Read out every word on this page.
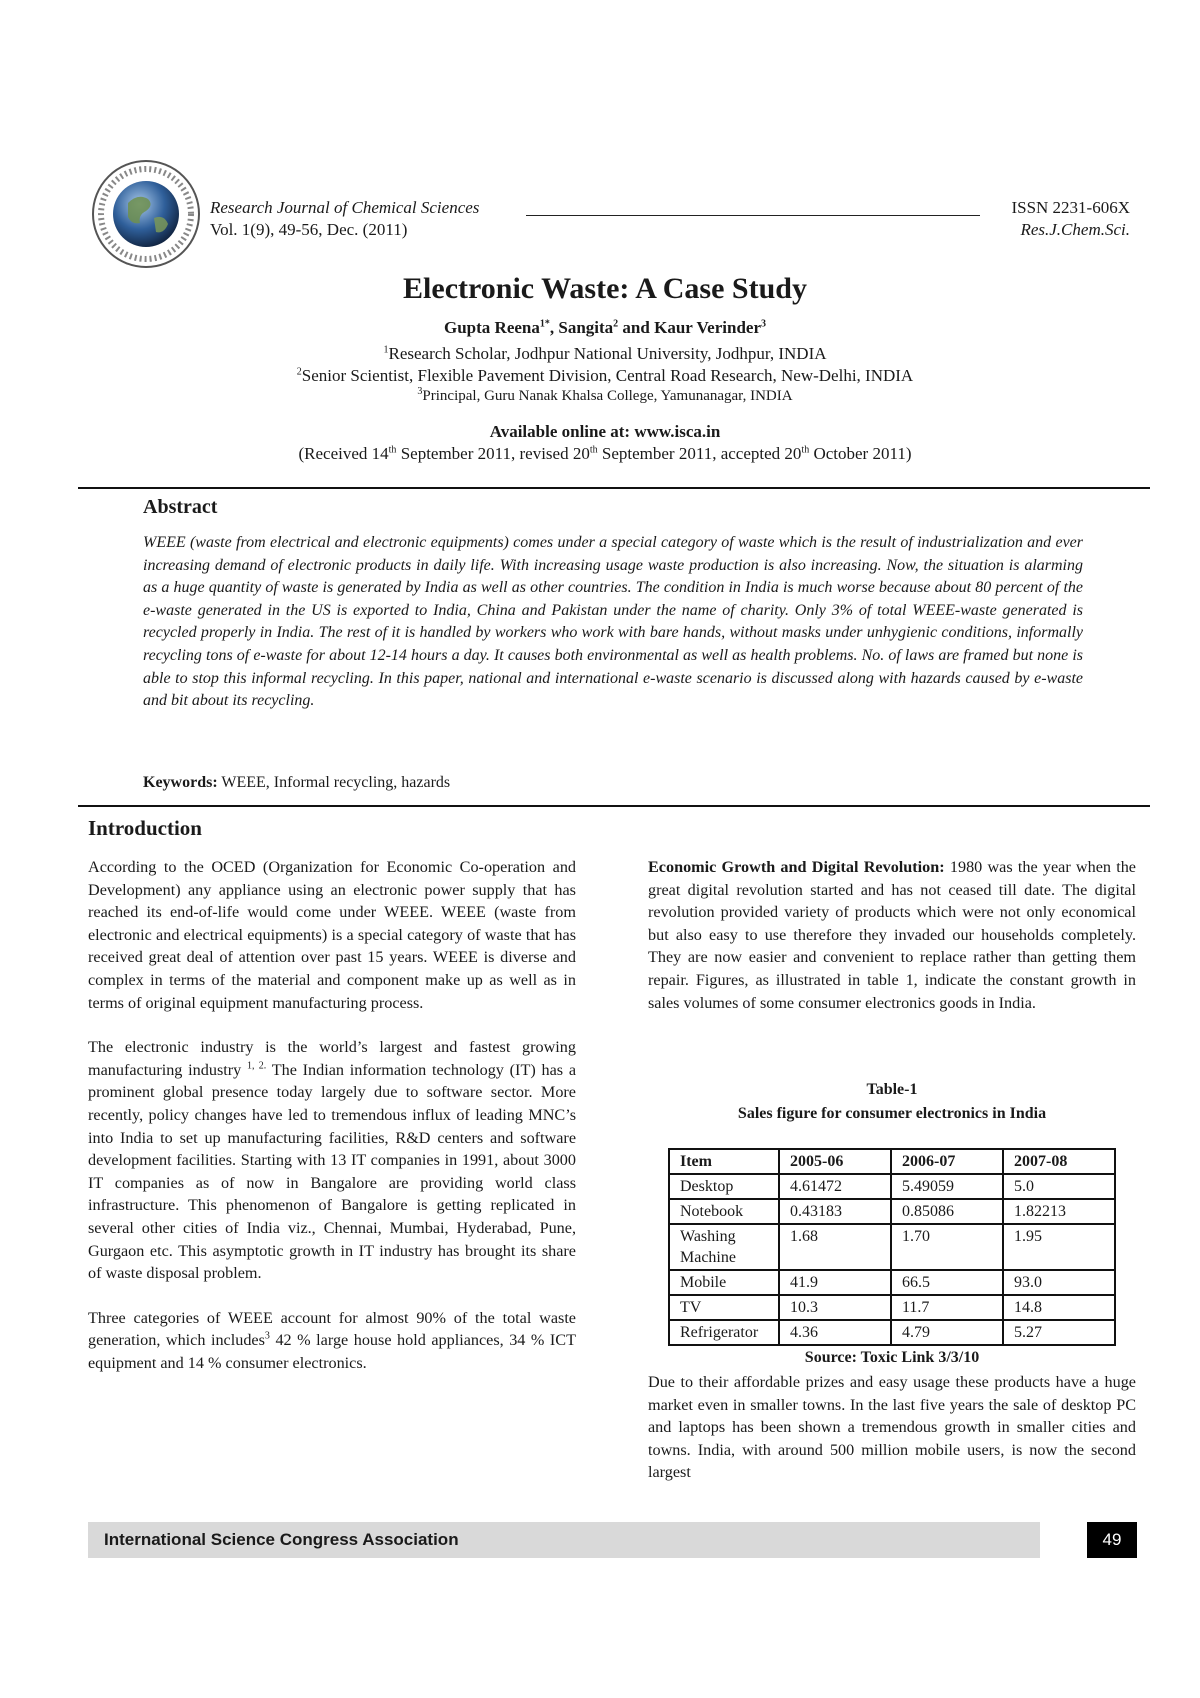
Research Journal of Chemical Sciences	ISSN 2231-606X
Vol. 1(9), 49-56, Dec. (2011)	Res.J.Chem.Sci.
Electronic Waste: A Case Study
Gupta Reena$^{1*}$, Sangita$^2$ and Kaur Verinder$^3$
$^1$Research Scholar, Jodhpur National University, Jodhpur, INDIA
$^2$Senior Scientist, Flexible Pavement Division, Central Road Research, New-Delhi, INDIA
$^3$Principal, Guru Nanak Khalsa College, Yamunanagar, INDIA
Available online at: www.isca.in
(Received 14th September 2011, revised 20th September 2011, accepted 20th October 2011)
Abstract
WEEE (waste from electrical and electronic equipments) comes under a special category of waste which is the result of industrialization and ever increasing demand of electronic products in daily life. With increasing usage waste production is also increasing. Now, the situation is alarming as a huge quantity of waste is generated by India as well as other countries. The condition in India is much worse because about 80 percent of the e-waste generated in the US is exported to India, China and Pakistan under the name of charity. Only 3% of total WEEE-waste generated is recycled properly in India. The rest of it is handled by workers who work with bare hands, without masks under unhygienic conditions, informally recycling tons of e-waste for about 12-14 hours a day. It causes both environmental as well as health problems. No. of laws are framed but none is able to stop this informal recycling. In this paper, national and international e-waste scenario is discussed along with hazards caused by e-waste and bit about its recycling.
Keywords: WEEE, Informal recycling, hazards
Introduction

According to the OCED (Organization for Economic Co-operation and Development) any appliance using an electronic power supply that has reached its end-of-life would come under WEEE. WEEE (waste from electronic and electrical equipments) is a special category of waste that has received great deal of attention over past 15 years. WEEE is diverse and complex in terms of the material and component make up as well as in terms of original equipment manufacturing process.

The electronic industry is the world’s largest and fastest growing manufacturing industry $^{1, 2.}$ The Indian information technology (IT) has a prominent global presence today largely due to software sector. More recently, policy changes have led to tremendous influx of leading MNC’s into India to set up manufacturing facilities, R&D centers and software development facilities. Starting with 13 IT companies in 1991, about 3000 IT companies as of now in Bangalore are providing world class infrastructure. This phenomenon of Bangalore is getting replicated in several other cities of India viz., Chennai, Mumbai, Hyderabad, Pune, Gurgaon etc. This asymptotic growth in IT industry has brought its share of waste disposal problem.

Three categories of WEEE account for almost 90% of the total waste generation, which includes$^3$ 42 % large house hold appliances, 34 % ICT equipment and 14 % consumer electronics.

Economic Growth and Digital Revolution: 1980 was the year when the great digital revolution started and has not ceased till date. The digital revolution provided variety of products which were not only economical but also easy to use therefore they invaded our households completely. They are now easier and convenient to replace rather than getting them repair. Figures, as illustrated in table 1, indicate the constant growth in sales volumes of some consumer electronics goods in India.

Table-1
Sales figure for consumer electronics in India
Item	2005-06	2006-07	2007-08
Desktop	4.61472	5.49059	5.0
Notebook	0.43183	0.85086	1.82213
Washing Machine	1.68	1.70	1.95
Mobile	41.9	66.5	93.0
TV	10.3	11.7	14.8
Refrigerator	4.36	4.79	5.27
Source: Toxic Link 3/3/10

Due to their affordable prizes and easy usage these products have a huge market even in smaller towns. In the last five years the sale of desktop PC and laptops has been shown a tremendous growth in smaller cities and towns. India, with around 500 million mobile users, is now the second largest

International Science Congress Association	49
